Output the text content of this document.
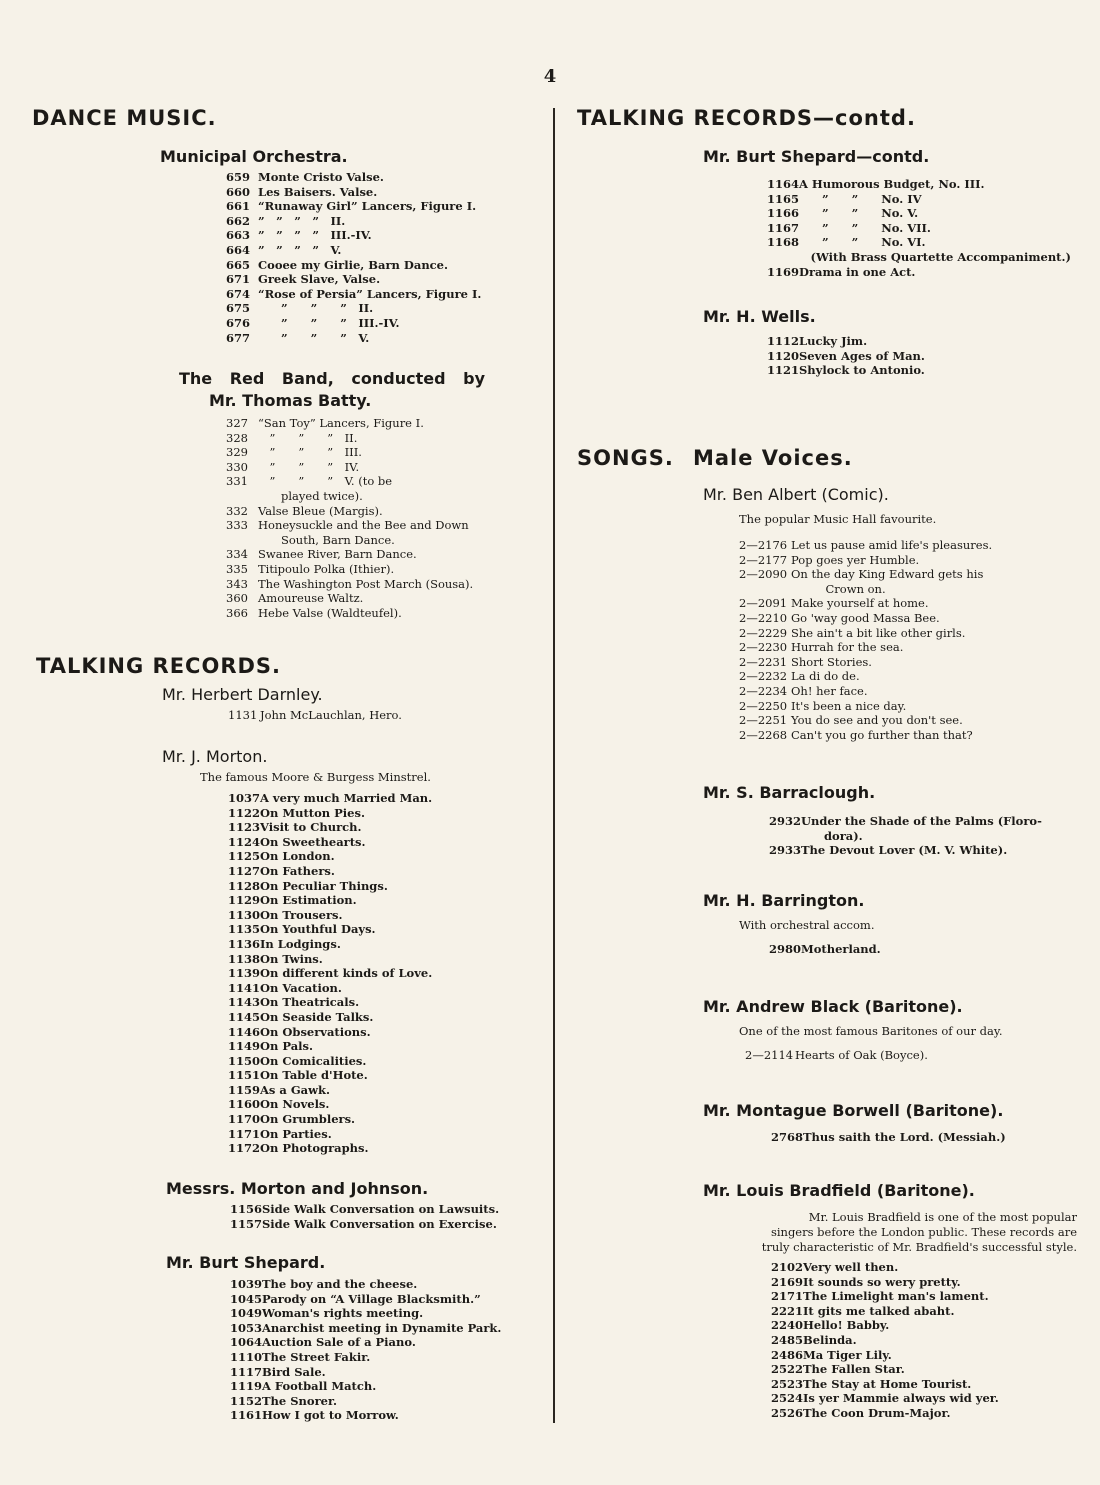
4
DANCE MUSIC.
Municipal Orchestra.
659 Monte Cristo Valse.
660 Les Baisers. Valse.
661 “Runaway Girl” Lancers, Figure I.
662 ” ” ” ” II.
663 ” ” ” ” III.-IV.
664 ” ” ” ” V.
665 Cooee my Girlie, Barn Dance.
671 Greek Slave, Valse.
674 “Rose of Persia” Lancers, Figure I.
675   ”  ”  ” II.
676   ”  ”  ” III.-IV.
677   ”  ”  ” V.
The Red Band, conducted by
Mr. Thomas Batty.
327 “San Toy” Lancers, Figure I.
328  ”  ”  ” II.
329  ”  ”  ” III.
330  ”  ”  ” IV.
331  ”  ”  ” V. (to be
  played twice).
332 Valse Bleue (Margis).
333 Honeysuckle and the Bee and Down
  South, Barn Dance.
334 Swanee River, Barn Dance.
335 Titipoulo Polka (Ithier).
343 The Washington Post March (Sousa).
360 Amoureuse Waltz.
366 Hebe Valse (Waldteufel).
TALKING RECORDS.
Mr. Herbert Darnley.
1131 John McLauchlan, Hero.
Mr. J. Morton.
The famous Moore & Burgess Minstrel.
1037 A very much Married Man.
1122 On Mutton Pies.
1123 Visit to Church.
1124 On Sweethearts.
1125 On London.
1127 On Fathers.
1128 On Peculiar Things.
1129 On Estimation.
1130 On Trousers.
1135 On Youthful Days.
1136 In Lodgings.
1138 On Twins.
1139 On different kinds of Love.
1141 On Vacation.
1143 On Theatricals.
1145 On Seaside Talks.
1146 On Observations.
1149 On Pals.
1150 On Comicalities.
1151 On Table d'Hote.
1159 As a Gawk.
1160 On Novels.
1170 On Grumblers.
1171 On Parties.
1172 On Photographs.
Messrs. Morton and Johnson.
1156 Side Walk Conversation on Lawsuits.
1157 Side Walk Conversation on Exercise.
Mr. Burt Shepard.
1039 The boy and the cheese.
1045 Parody on “A Village Blacksmith.”
1049 Woman's rights meeting.
1053 Anarchist meeting in Dynamite Park.
1064 Auction Sale of a Piano.
1110 The Street Fakir.
1117 Bird Sale.
1119 A Football Match.
1152 The Snorer.
1161 How I got to Morrow.
TALKING RECORDS—contd.
Mr. Burt Shepard—contd.
1164 A Humorous Budget, No. III.
1165   ”  ”  No. IV
1166   ”  ”  No. V.
1167   ”  ”  No. VII.
1168   ”  ”  No. VI.
 (With Brass Quartette Accompaniment.)
1169 Drama in one Act.
Mr. H. Wells.
1112 Lucky Jim.
1120 Seven Ages of Man.
1121 Shylock to Antonio.
SONGS. Male Voices.
Mr. Ben Albert (Comic).
The popular Music Hall favourite.
2—2176 Let us pause amid life's pleasures.
2—2177 Pop goes yer Humble.
2—2090 On the day King Edward gets his
   Crown on.
2—2091 Make yourself at home.
2—2210 Go 'way good Massa Bee.
2—2229 She ain't a bit like other girls.
2—2230 Hurrah for the sea.
2—2231 Short Stories.
2—2232 La di do de.
2—2234 Oh! her face.
2—2250 It's been a nice day.
2—2251 You do see and you don't see.
2—2268 Can't you go further than that?
Mr. S. Barraclough.
2932 Under the Shade of the Palms (Floro-
  dora).
2933 The Devout Lover (M. V. White).
Mr. H. Barrington.
With orchestral accom.
2980 Motherland.
Mr. Andrew Black (Baritone).
One of the most famous Baritones of our day.
2—2114 Hearts of Oak (Boyce).
Mr. Montague Borwell (Baritone).
2768 Thus saith the Lord. (Messiah.)
Mr. Louis Bradfield (Baritone).
Mr. Louis Bradfield is one of the most popular
singers before the London public. These records are
truly characteristic of Mr. Bradfield's successful style.
2102 Very well then.
2169 It sounds so wery pretty.
2171 The Limelight man's lament.
2221 It gits me talked abaht.
2240 Hello! Babby.
2485 Belinda.
2486 Ma Tiger Lily.
2522 The Fallen Star.
2523 The Stay at Home Tourist.
2524 Is yer Mammie always wid yer.
2526 The Coon Drum-Major.
